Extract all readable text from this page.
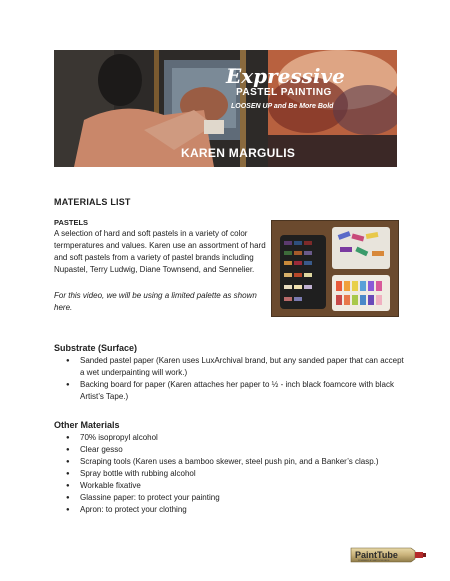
KAREN MARGULIS
Expressive
PASTEL PAINTING
LOOSEN UP and Be More Bold
MATERIALS LIST
PASTELS
A selection of hard and soft pastels in a variety of color termperatures and values. Karen use an assortment of hard and soft pastels from a variety of pastel brands including Nupastel, Terry Ludwig, Diane Townsend, and Sennelier.
For this video, we will be using a limited palette as shown here.
Substrate (Surface)
● Sanded pastel paper (Karen uses LuxArchival brand, but any sanded paper that can accept a wet underpainting will work.)
● Backing board for paper (Karen attaches her paper to ½ - inch black foamcore with black Artist’s Tape.)
Other Materials
● 70% isopropyl alcohol
● Clear gesso
● Scraping tools (Karen uses a bamboo skewer, steel push pin, and a Banker’s clasp.)
● Spray bottle with rubbing alcohol
● Workable fixative
● Glassine paper: to protect your painting
● Apron: to protect your clothing
PaintTube
POWERED BY ARTISTWORKS
